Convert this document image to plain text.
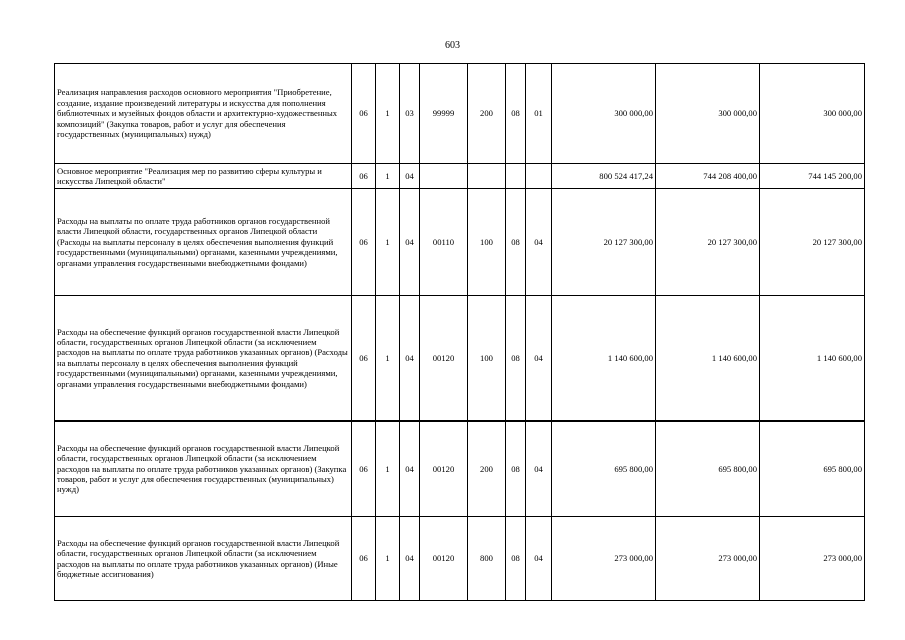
603
Реализация направления расходов основного мероприятия "Приобретение, создание, издание произведений литературы и искусства для пополнения библиотечных и музейных фондов области и архитектурно-художественных композиций" (Закупка товаров, работ и услуг для обеспечения государственных (муниципальных) нужд)	06	1	03	99999	200	08	01	300 000,00	300 000,00	300 000,00
Основное мероприятие "Реализация мер по развитию сферы культуры и искусства Липецкой области"	06	1	04					800 524 417,24	744 208 400,00	744 145 200,00
Расходы на выплаты по оплате труда работников органов государственной власти Липецкой области, государственных органов Липецкой области (Расходы на выплаты персоналу в целях обеспечения выполнения функций государственными (муниципальными) органами, казенными учреждениями, органами управления государственными внебюджетными фондами)	06	1	04	00110	100	08	04	20 127 300,00	20 127 300,00	20 127 300,00
Расходы на обеспечение функций органов государственной власти Липецкой области, государственных органов Липецкой области (за исключением расходов на выплаты по оплате труда работников указанных органов) (Расходы на выплаты персоналу в целях обеспечения выполнения функций государственными (муниципальными) органами, казенными учреждениями, органами управления государственными внебюджетными фондами)	06	1	04	00120	100	08	04	1 140 600,00	1 140 600,00	1 140 600,00
Расходы на обеспечение функций органов государственной власти Липецкой области, государственных органов Липецкой области (за исключением расходов на выплаты по оплате труда работников указанных органов) (Закупка товаров, работ и услуг для обеспечения государственных (муниципальных) нужд)	06	1	04	00120	200	08	04	695 800,00	695 800,00	695 800,00
Расходы на обеспечение функций органов государственной власти Липецкой области, государственных органов Липецкой области (за исключением расходов на выплаты по оплате труда работников указанных органов) (Иные бюджетные ассигнования)	06	1	04	00120	800	08	04	273 000,00	273 000,00	273 000,00
